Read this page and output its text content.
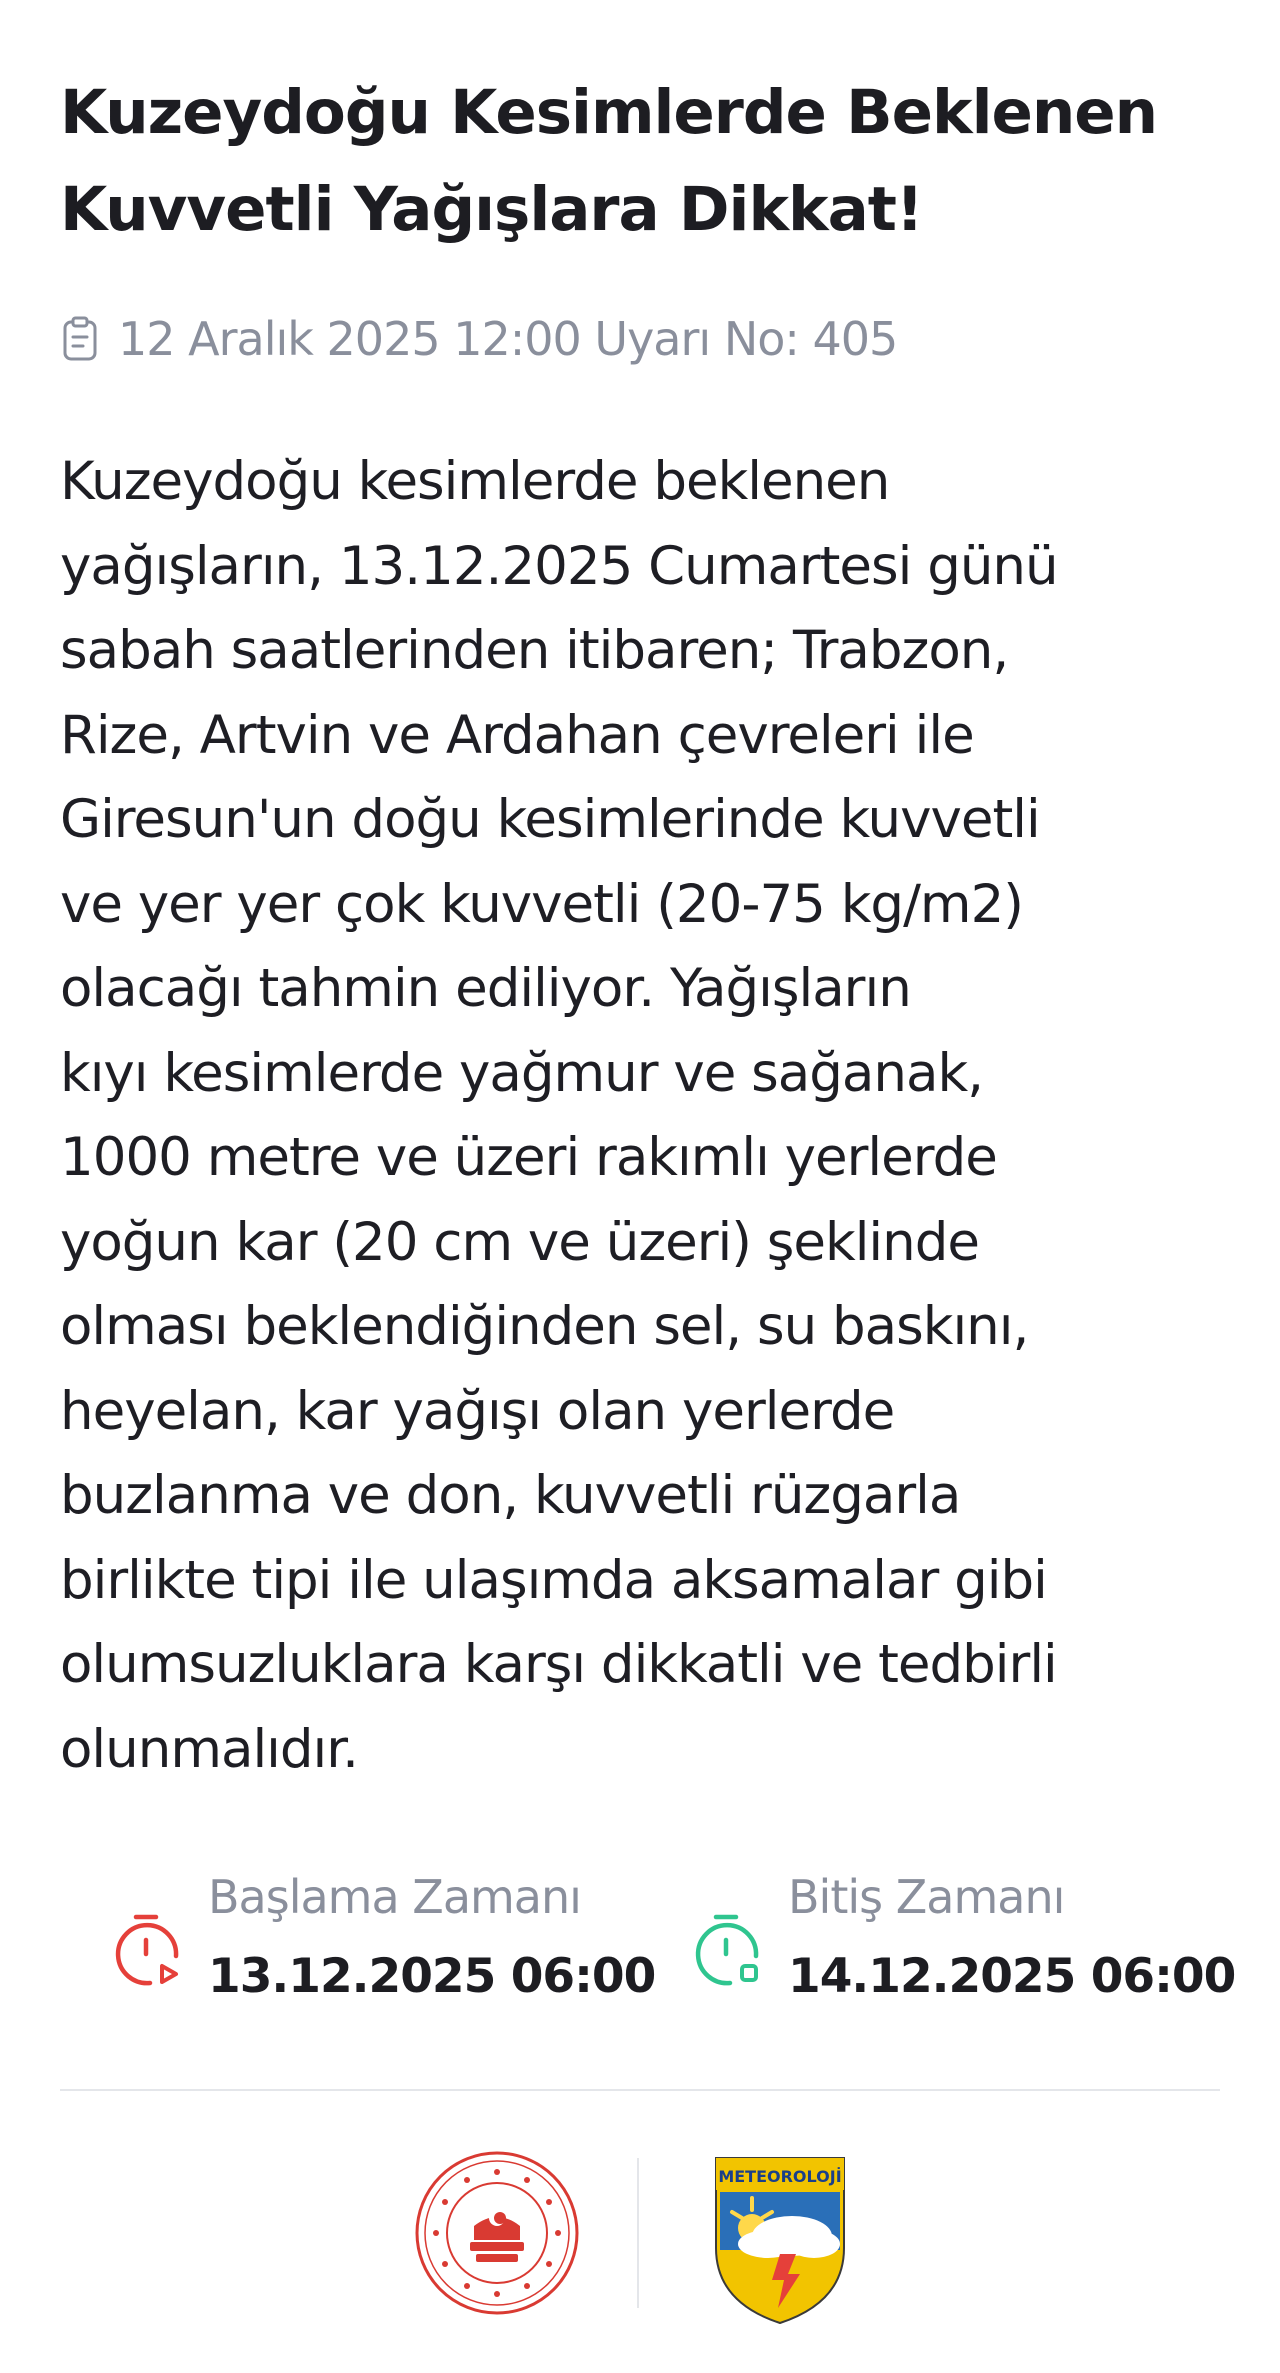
Kuzeydoğu Kesimlerde Beklenen Kuvvetli Yağışlara Dikkat!
12 Aralık 2025 12:00 Uyarı No: 405

Kuzeydoğu kesimlerde beklenen
yağışların, 13.12.2025 Cumartesi günü
sabah saatlerinden itibaren; Trabzon,
Rize, Artvin ve Ardahan çevreleri ile
Giresun'un doğu kesimlerinde kuvvetli
ve yer yer çok kuvvetli (20-75 kg/m2)
olacağı tahmin ediliyor. Yağışların
kıyı kesimlerde yağmur ve sağanak,
1000 metre ve üzeri rakımlı yerlerde
yoğun kar (20 cm ve üzeri) şeklinde
olması beklendiğinden sel, su baskını,
heyelan, kar yağışı olan yerlerde
buzlanma ve don, kuvvetli rüzgarla
birlikte tipi ile ulaşımda aksamalar gibi
olumsuzluklara karşı dikkatli ve tedbirli
olunmalıdır.

Başlama Zamanı
13.12.2025 06:00
Bitiş Zamanı
14.12.2025 06:00
METEOROLOJİ
